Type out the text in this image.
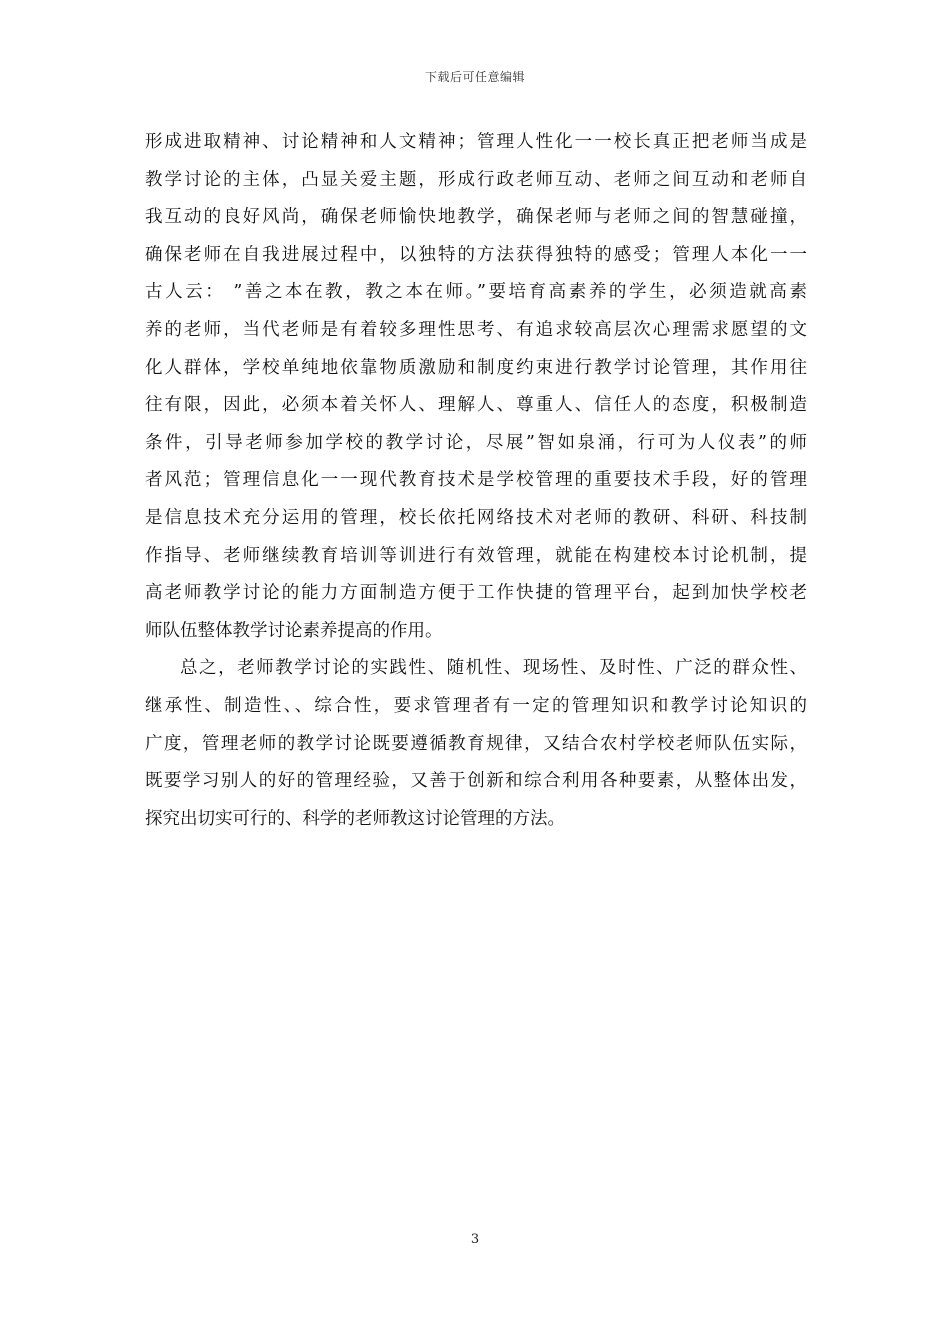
下载后可任意编辑
形成进取精神、讨论精神和人文精神；管理人性化一一校长真正把老师当成是
教学讨论的主体，凸显关爱主题，形成行政老师互动、老师之间互动和老师自
我互动的良好风尚，确保老师愉快地教学，确保老师与老师之间的智慧碰撞，
确保老师在自我进展过程中，以独特的方法获得独特的感受；管理人本化一一
古人云： ”善之本在教，教之本在师。”要培育高素养的学生，必须造就高素
养的老师，当代老师是有着较多理性思考、有追求较高层次心理需求愿望的文
化人群体，学校单纯地依靠物质激励和制度约束进行教学讨论管理，其作用往
往有限，因此，必须本着关怀人、理解人、尊重人、信任人的态度，积极制造
条件，引导老师参加学校的教学讨论，尽展”智如泉涌，行可为人仪表”的师
者风范；管理信息化一一现代教育技术是学校管理的重要技术手段，好的管理
是信息技术充分运用的管理，校长依托网络技术对老师的教研、科研、科技制
作指导、老师继续教育培训等训进行有效管理，就能在构建校本讨论机制，提
高老师教学讨论的能力方面制造方便于工作快捷的管理平台，起到加快学校老
师队伍整体教学讨论素养提高的作用。
总之，老师教学讨论的实践性、随机性、现场性、及时性、广泛的群众性、
继承性、制造性、、综合性，要求管理者有一定的管理知识和教学讨论知识的
广度，管理老师的教学讨论既要遵循教育规律，又结合农村学校老师队伍实际，
既要学习别人的好的管理经验，又善于创新和综合利用各种要素，从整体出发，
探究出切实可行的、科学的老师教这讨论管理的方法。
3
